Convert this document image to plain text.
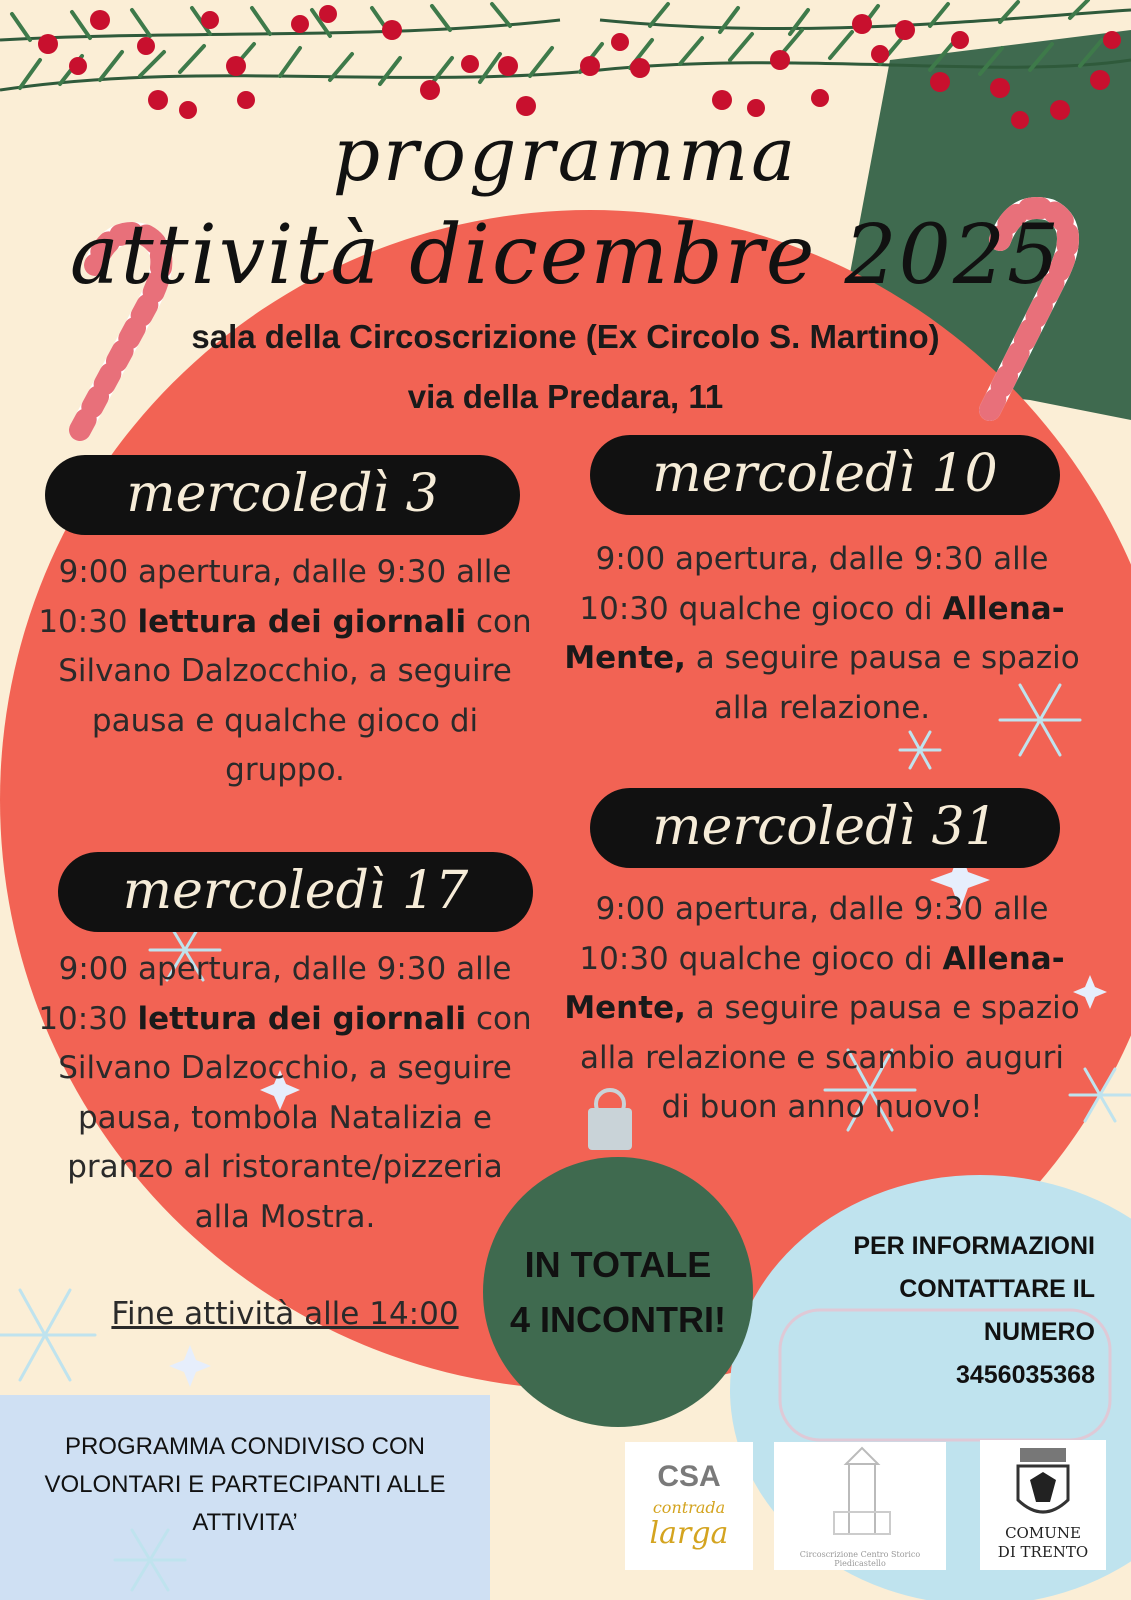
programma
attività dicembre 2025
sala della Circoscrizione (Ex Circolo S. Martino)
via della Predara, 11
mercoledì 3
9:00 apertura, dalle 9:30 alle 10:30 lettura dei giornali con Silvano Dalzocchio, a seguire pausa e qualche gioco di gruppo.
mercoledì 10
9:00 apertura, dalle 9:30 alle 10:30 qualche gioco di Allena-Mente, a seguire pausa e spazio alla relazione.
mercoledì 17
9:00 apertura, dalle 9:30 alle 10:30 lettura dei giornali con Silvano Dalzocchio, a seguire pausa, tombola Natalizia e pranzo al ristorante/pizzeria alla Mostra.
Fine attività alle 14:00
mercoledì 31
9:00 apertura, dalle 9:30 alle 10:30 qualche gioco di Allena-Mente, a seguire pausa e spazio alla relazione e scambio auguri di buon anno nuovo!
IN TOTALE
4 INCONTRI!
PER INFORMAZIONI
CONTATTARE IL
NUMERO
3456035368
PROGRAMMA CONDIVISO CON
VOLONTARI E PARTECIPANTI ALLE
ATTIVITA’
CSA
contrada
larga
Circoscrizione Centro Storico Piedicastello
COMUNE
DI TRENTO
